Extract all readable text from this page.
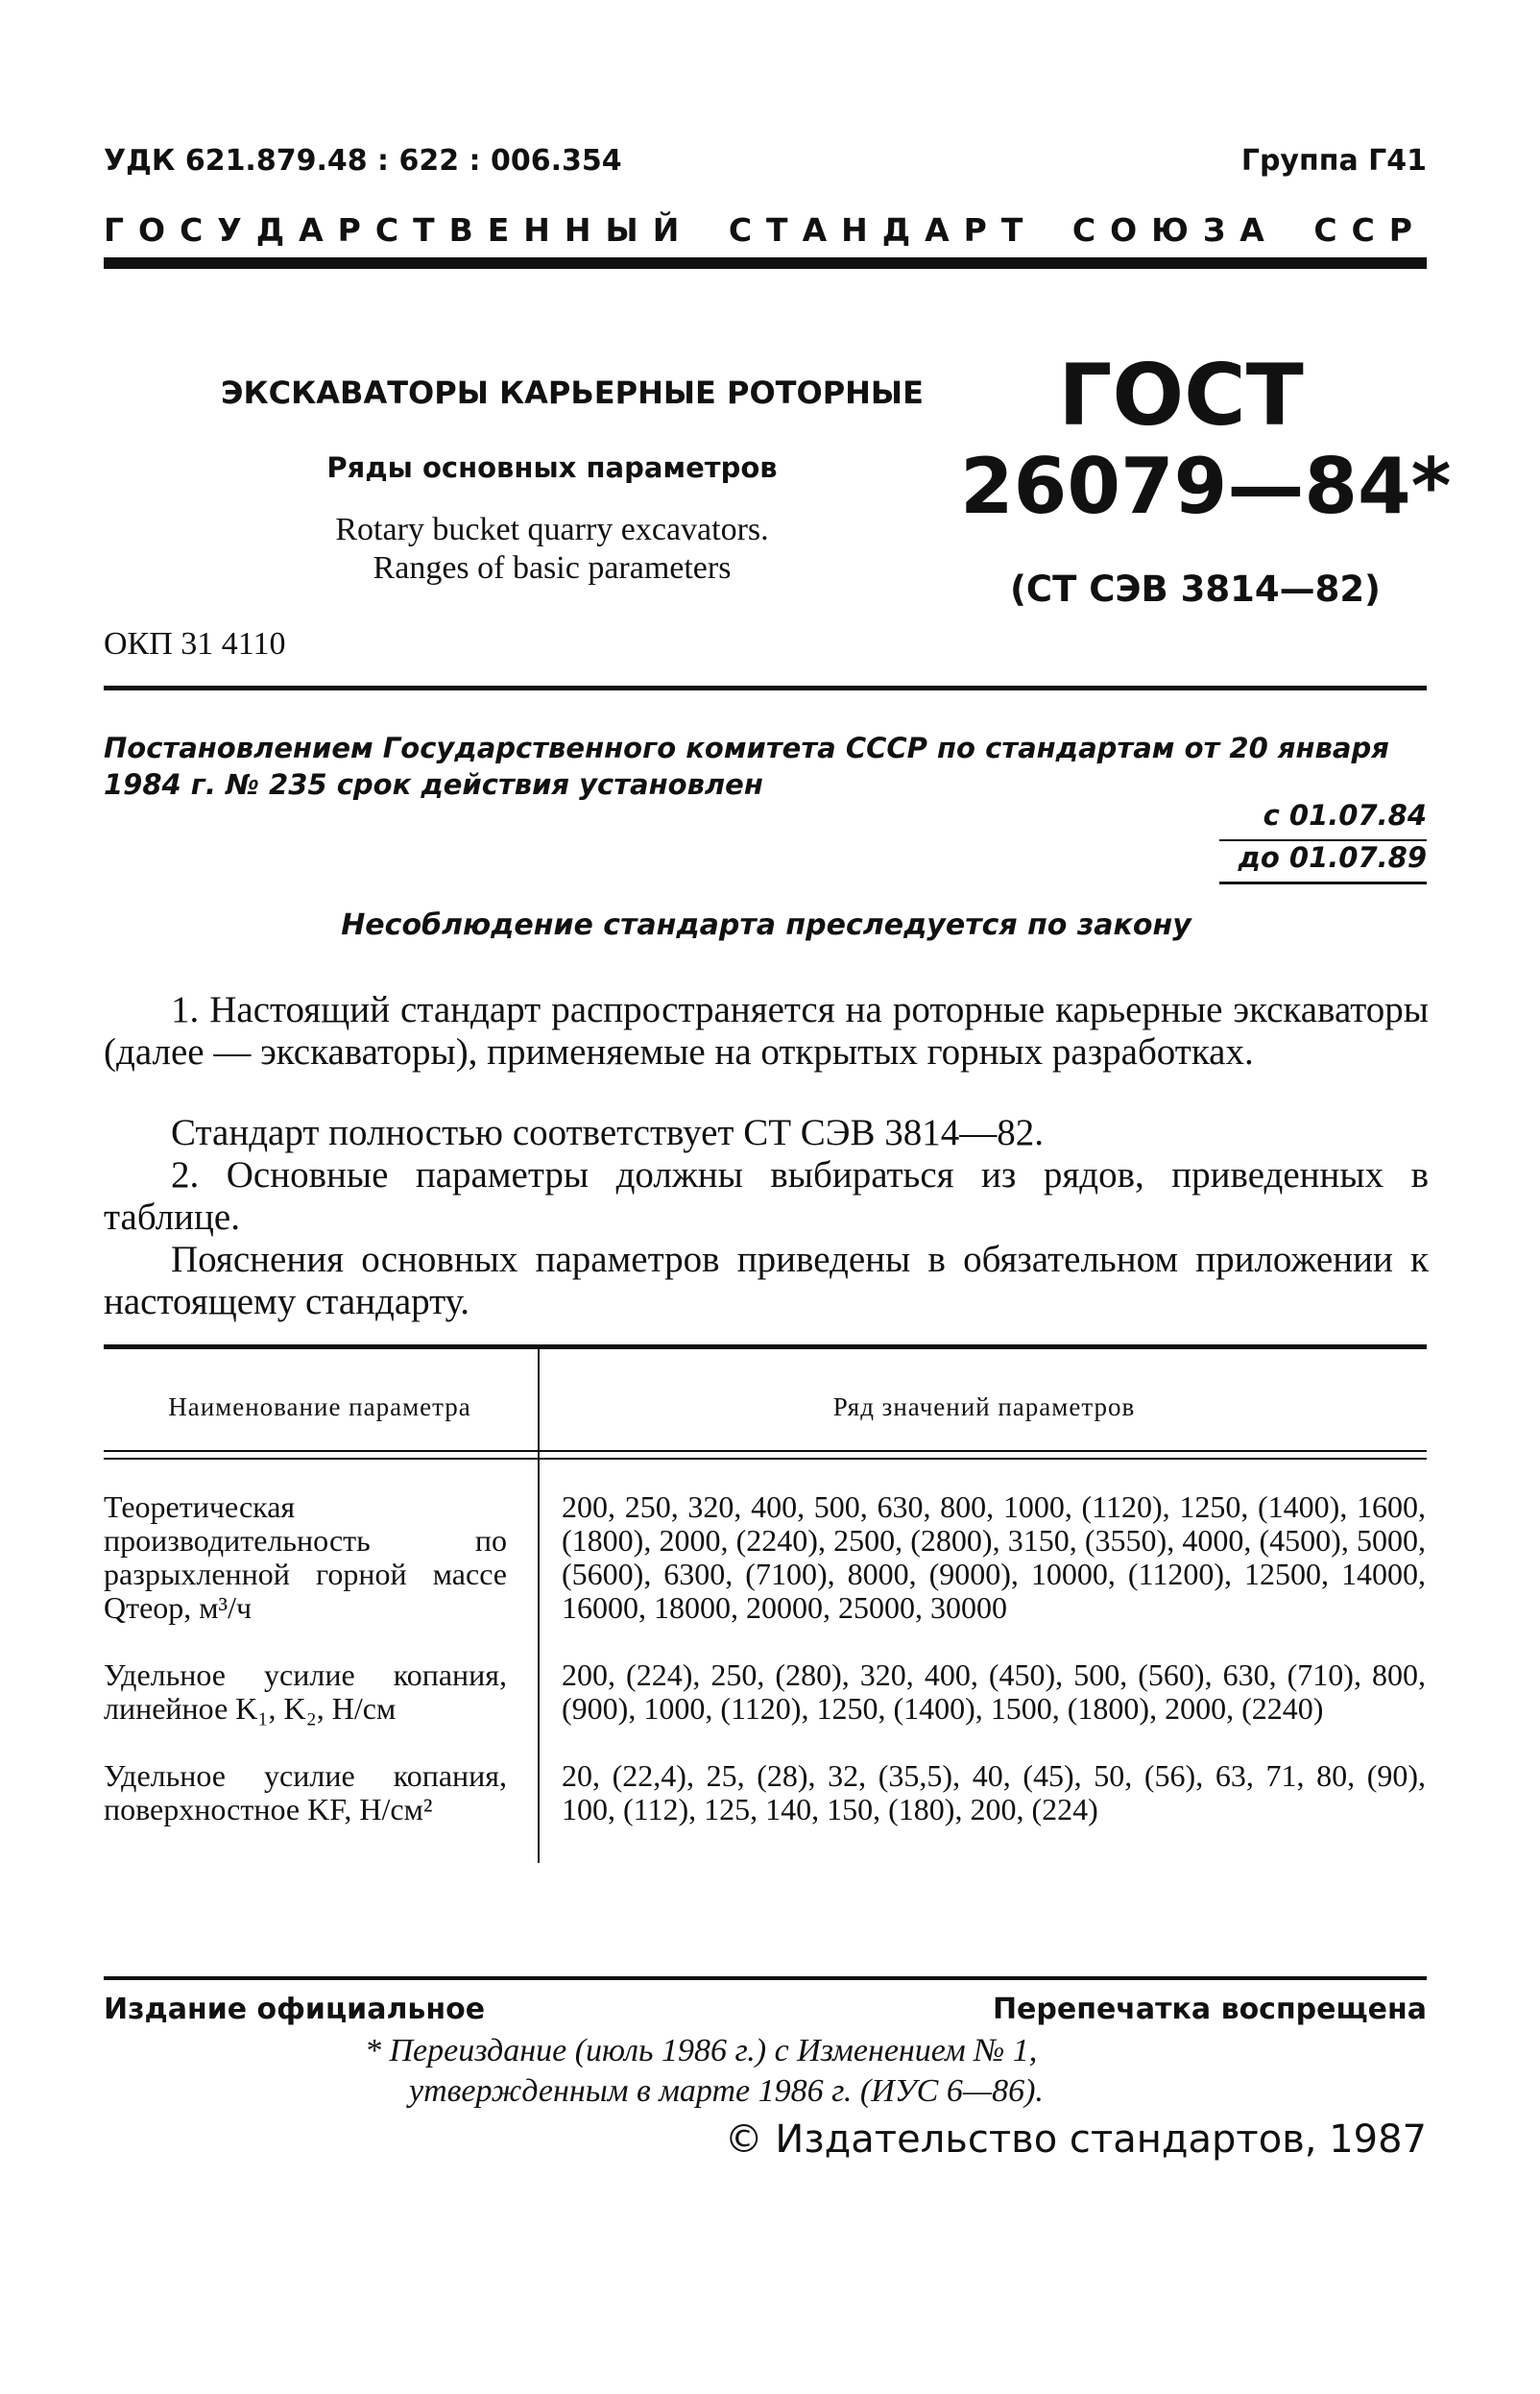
УДК 621.879.48 : 622 : 006.354	Группа Г41
ГОСУДАРСТВЕННЫЙ СТАНДАРТ СОЮЗА ССР
ЭКСКАВАТОРЫ КАРЬЕРНЫЕ РОТОРНЫЕ
Ряды основных параметров
Rotary bucket quarry excavators.
Ranges of basic parameters
ГОСТ
26079—84*
(СТ СЭВ 3814—82)
ОКП 31 4110
Постановлением Государственного комитета СССР по стандартам от 20 января 1984 г. № 235 срок действия установлен
с 01.07.84
до 01.07.89
Несоблюдение стандарта преследуется по закону
1. Настоящий стандарт распространяется на роторные карьерные экскаваторы (далее — экскаваторы), применяемые на открытых горных разработках.
Стандарт полностью соответствует СТ СЭВ 3814—82.
2. Основные параметры должны выбираться из рядов, приведенных в таблице.
Пояснения основных параметров приведены в обязательном приложении к настоящему стандарту.
Наименование параметра	Ряд значений параметров
Теоретическая производительность по разрыхленной горной массе Qтеор, м³/ч
200, 250, 320, 400, 500, 630, 800, 1000, (1120), 1250, (1400), 1600, (1800), 2000, (2240), 2500, (2800), 3150, (3550), 4000, (4500), 5000, (5600), 6300, (7100), 8000, (9000), 10000, (11200), 12500, 14000, 16000, 18000, 20000, 25000, 30000
Удельное усилие копания, линейное K₁, K₂, Н/см
200, (224), 250, (280), 320, 400, (450), 500, (560), 630, (710), 800, (900), 1000, (1120), 1250, (1400), 1500, (1800), 2000, (2240)
Удельное усилие копания, поверхностное KF, Н/см²
20, (22,4), 25, (28), 32, (35,5), 40, (45), 50, (56), 63, 71, 80, (90), 100, (112), 125, 140, 150, (180), 200, (224)
Издание официальное	Перепечатка воспрещена
* Переиздание (июль 1986 г.) с Изменением № 1,
утвержденным в марте 1986 г. (ИУС 6—86).
© Издательство стандартов, 1987
